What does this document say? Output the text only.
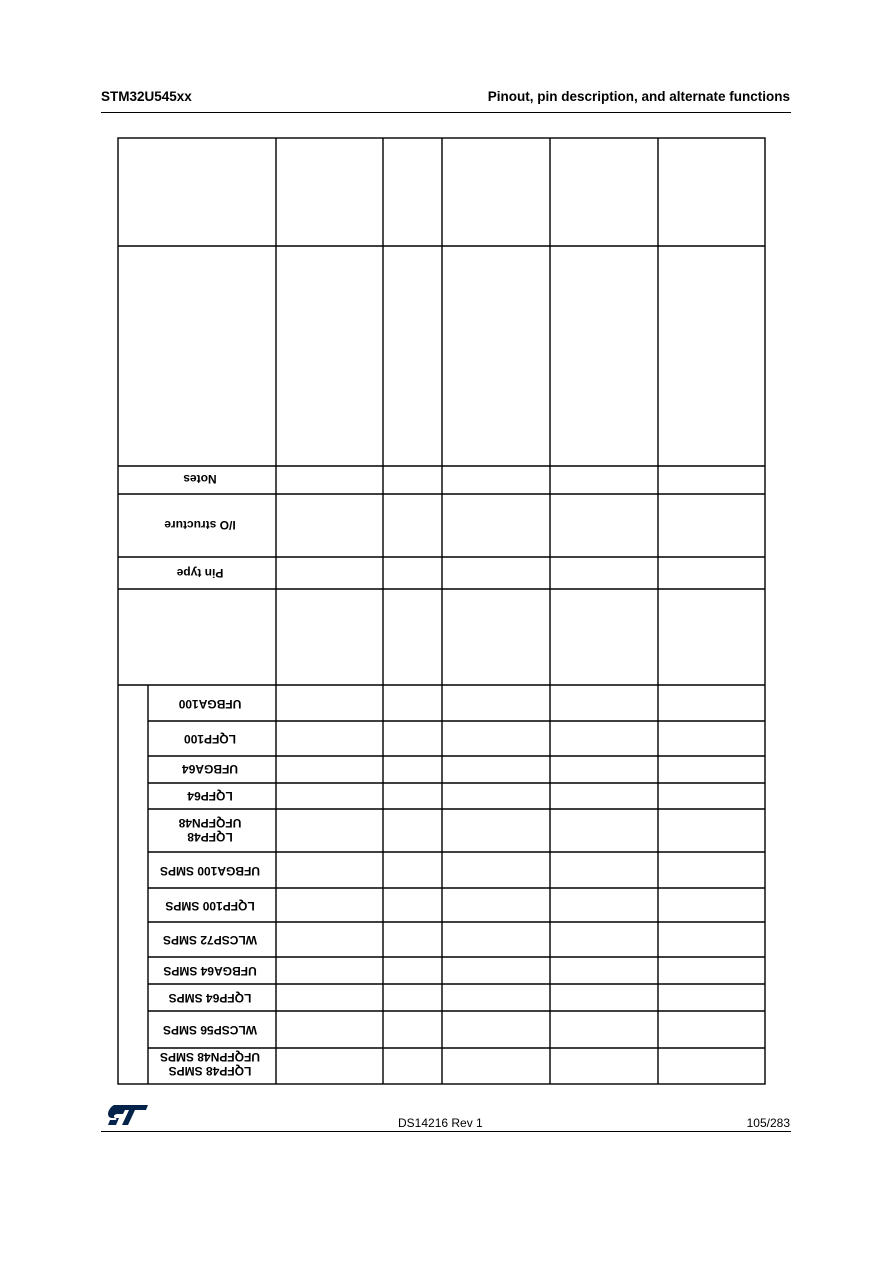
STM32U545xx	Pinout, pin description, and alternate functions
Notes
I/O structure
Pin type
UFBGA100
LQFP100
UFBGA64
LQFP64
LQFP48
UFQFPN48
UFBGA100 SMPS
LQFP100 SMPS
WLCSP72 SMPS
UFBGA64 SMPS
LQFP64 SMPS
WLCSP56 SMPS
LQFP48 SMPS
UFQFPN48 SMPS
DS14216 Rev 1	105/283
